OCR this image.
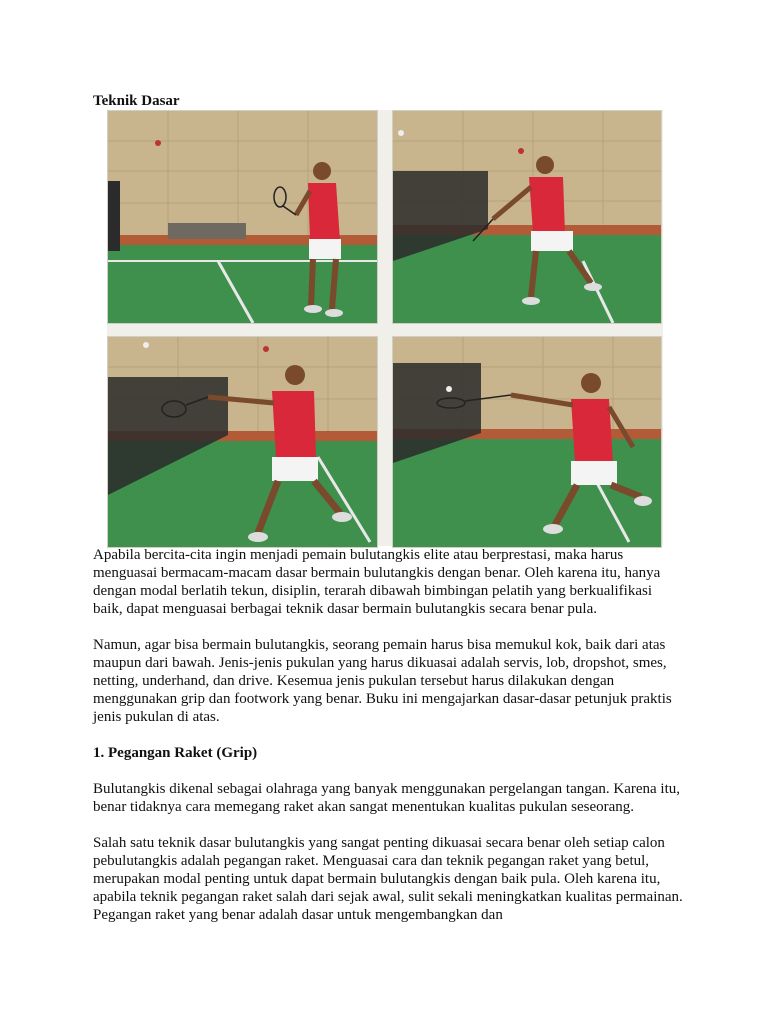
Teknik Dasar

Apabila bercita-cita ingin menjadi pemain bulutangkis elite atau berprestasi, maka harus menguasai bermacam-macam dasar bermain bulutangkis dengan benar. Oleh karena itu, hanya dengan modal berlatih tekun, disiplin, terarah dibawah bimbingan pelatih yang berkualifikasi baik, dapat menguasai berbagai teknik dasar bermain bulutangkis secara benar pula.

Namun, agar bisa bermain bulutangkis, seorang pemain harus bisa memukul kok, baik dari atas maupun dari bawah. Jenis-jenis pukulan yang harus dikuasai adalah servis, lob, dropshot, smes, netting, underhand, dan drive. Kesemua jenis pukulan tersebut harus dilakukan dengan menggunakan grip dan footwork yang benar. Buku ini mengajarkan dasar-dasar petunjuk praktis jenis pukulan di atas.

1. Pegangan Raket (Grip)

Bulutangkis dikenal sebagai olahraga yang banyak menggunakan pergelangan tangan. Karena itu, benar tidaknya cara memegang raket akan sangat menentukan kualitas pukulan seseorang.

Salah satu teknik dasar bulutangkis yang sangat penting dikuasai secara benar oleh setiap calon pebulutangkis adalah pegangan raket. Menguasai cara dan teknik pegangan raket yang betul, merupakan modal penting untuk dapat bermain bulutangkis dengan baik pula. Oleh karena itu, apabila teknik pegangan raket salah dari sejak awal, sulit sekali meningkatkan kualitas permainan. Pegangan raket yang benar adalah dasar untuk mengembangkan dan
